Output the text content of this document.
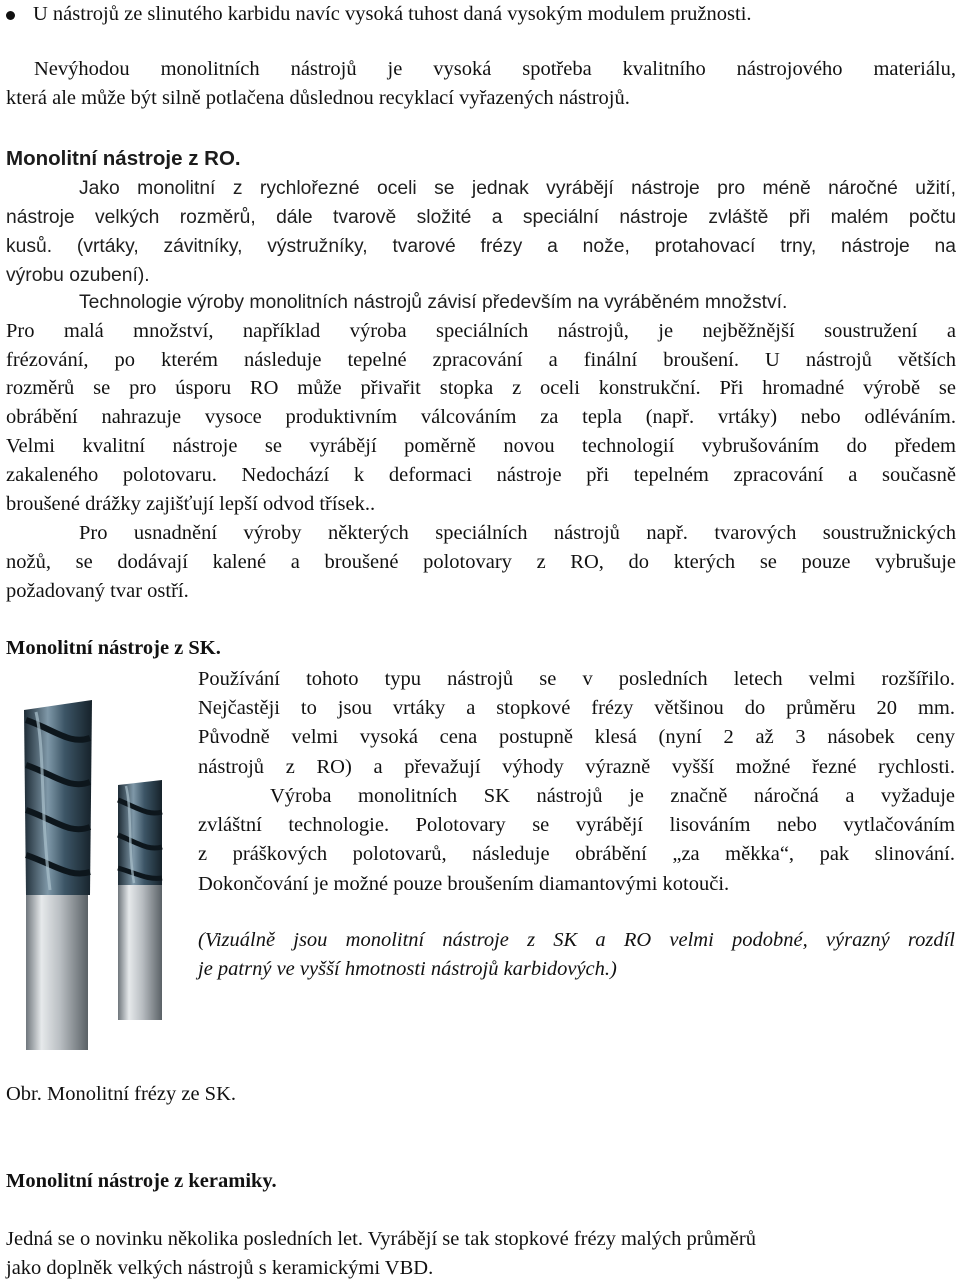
U nástrojů ze slinutého karbidu navíc vysoká tuhost daná vysokým modulem pružnosti.
Nevýhodou monolitních nástrojů je vysoká spotřeba kvalitního nástrojového materiálu,
která ale může být silně potlačena důslednou recyklací vyřazených nástrojů.
Monolitní nástroje z RO.
Jako monolitní z rychlořezné oceli se jednak vyrábějí nástroje pro méně náročné užití,
nástroje velkých rozměrů, dále tvarově složité a speciální nástroje zvláště při malém počtu
kusů. (vrtáky, závitníky, výstružníky, tvarové frézy a nože, protahovací trny, nástroje na
výrobu ozubení).
Technologie výroby monolitních nástrojů závisí především na vyráběném množství.
Pro malá množství, například výroba speciálních nástrojů, je nejběžnější soustružení a
frézování, po kterém následuje tepelné zpracování a finální broušení. U nástrojů větších
rozměrů se pro úsporu RO může přivařit stopka z oceli konstrukční. Při hromadné výrobě se
obrábění nahrazuje vysoce produktivním válcováním za tepla (např. vrtáky) nebo odléváním.
Velmi kvalitní nástroje se vyrábějí poměrně novou technologií vybrušováním do předem
zakaleného polotovaru. Nedochází k deformaci nástroje při tepelném zpracování a současně
broušené drážky zajišťují lepší odvod třísek..
Pro usnadnění výroby některých speciálních nástrojů např. tvarových soustružnických
nožů, se dodávají kalené a broušené polotovary z RO, do kterých se pouze vybrušuje
požadovaný tvar ostří.
Monolitní nástroje z SK.
Používání tohoto typu nástrojů se v posledních letech velmi rozšířilo.
Nejčastěji to jsou vrtáky a stopkové frézy většinou do průměru 20 mm.
Původně velmi vysoká cena postupně klesá (nyní 2 až 3 násobek ceny
nástrojů z RO) a převažují výhody výrazně vyšší možné řezné rychlosti.
Výroba monolitních SK nástrojů je značně náročná a vyžaduje
zvláštní technologie. Polotovary se vyrábějí lisováním nebo vytlačováním
z práškových polotovarů, následuje obrábění „za měkka“, pak slinování.
Dokončování je možné pouze broušením diamantovými kotouči.
(Vizuálně jsou monolitní nástroje z SK a RO velmi podobné, výrazný rozdíl
je patrný ve vyšší hmotnosti nástrojů karbidových.)
Obr. Monolitní frézy ze SK.
Monolitní nástroje z keramiky.
Jedná se o novinku několika posledních let. Vyrábějí se tak stopkové frézy malých průměrů
jako doplněk velkých nástrojů s keramickými VBD.
